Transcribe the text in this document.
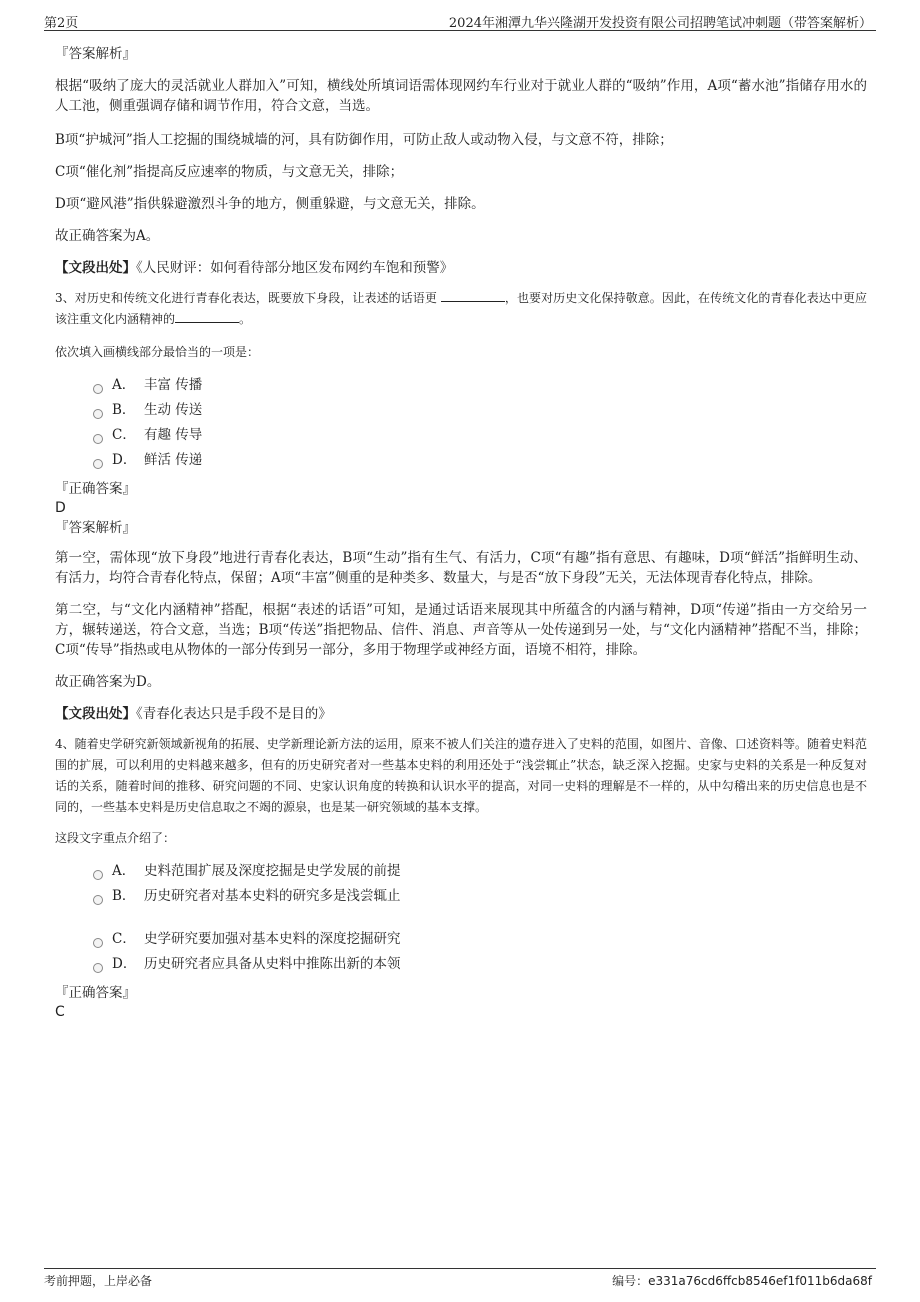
第2页	2024年湘潭九华兴隆湖开发投资有限公司招聘笔试冲刺题（带答案解析）

『答案解析』

根据“吸纳了庞大的灵活就业人群加入”可知，横线处所填词语需体现网约车行业对于就业人群的“吸纳”作用，A项“蓄水池”指储存用水的人工池，侧重强调存储和调节作用，符合文意，当选。

B项“护城河”指人工挖掘的围绕城墙的河，具有防御作用，可防止敌人或动物入侵，与文意不符，排除；

C项“催化剂”指提高反应速率的物质，与文意无关，排除；

D项“避风港”指供躲避激烈斗争的地方，侧重躲避，与文意无关，排除。

故正确答案为A。

【文段出处】《人民财评：如何看待部分地区发布网约车饱和预警》

3、对历史和传统文化进行青春化表达，既要放下身段，让表述的话语更	，也要对历史文化保持敬意。因此，在传统文化的青春化表达中更应该注重文化内涵精神的	。

依次填入画横线部分最恰当的一项是：

A． 丰富 传播
B． 生动 传送
C． 有趣 传导
D． 鲜活 传递

『正确答案』

D

『答案解析』

第一空，需体现“放下身段”地进行青春化表达，B项“生动”指有生气、有活力，C项“有趣”指有意思、有趣味，D项“鲜活”指鲜明生动、有活力，均符合青春化特点，保留；A项“丰富”侧重的是种类多、数量大，与是否“放下身段”无关，无法体现青春化特点，排除。

第二空，与“文化内涵精神”搭配，根据“表述的话语”可知，是通过话语来展现其中所蕴含的内涵与精神，D项“传递”指由一方交给另一方，辗转递送，符合文意，当选；B项“传送”指把物品、信件、消息、声音等从一处传递到另一处，与“文化内涵精神”搭配不当，排除；C项“传导”指热或电从物体的一部分传到另一部分，多用于物理学或神经方面，语境不相符，排除。

故正确答案为D。

【文段出处】《青春化表达只是手段不是目的》

4、随着史学研究新领域新视角的拓展、史学新理论新方法的运用，原来不被人们关注的遗存进入了史料的范围，如图片、音像、口述资料等。随着史料范围的扩展，可以利用的史料越来越多，但有的历史研究者对一些基本史料的利用还处于“浅尝辄止”状态，缺乏深入挖掘。史家与史料的关系是一种反复对话的关系，随着时间的推移、研究问题的不同、史家认识角度的转换和认识水平的提高，对同一史料的理解是不一样的，从中勾稽出来的历史信息也是不同的，一些基本史料是历史信息取之不竭的源泉，也是某一研究领域的基本支撑。

这段文字重点介绍了：

A． 史料范围扩展及深度挖掘是史学发展的前提
B． 历史研究者对基本史料的研究多是浅尝辄止
C． 史学研究要加强对基本史料的深度挖掘研究
D． 历史研究者应具备从史料中推陈出新的本领

『正确答案』

C

考前押题，上岸必备	编号：e331a76cd6ffcb8546ef1f011b6da68f
